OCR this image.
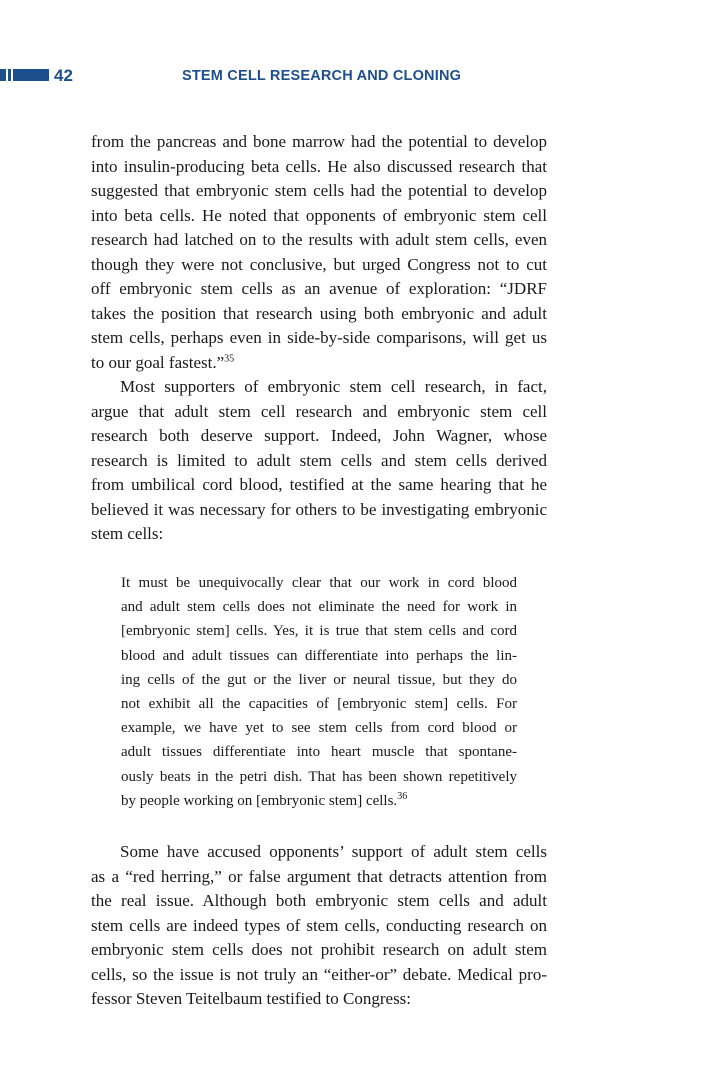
42	STEM CELL RESEARCH AND CLONING
from the pancreas and bone marrow had the potential to develop
into insulin-producing beta cells. He also discussed research that
suggested that embryonic stem cells had the potential to develop
into beta cells. He noted that opponents of embryonic stem cell
research had latched on to the results with adult stem cells, even
though they were not conclusive, but urged Congress not to cut
off embryonic stem cells as an avenue of exploration: “JDRF
takes the position that research using both embryonic and adult
stem cells, perhaps even in side-by-side comparisons, will get us
to our goal fastest.”$^{35}$
Most supporters of embryonic stem cell research, in fact,
argue that adult stem cell research and embryonic stem cell
research both deserve support. Indeed, John Wagner, whose
research is limited to adult stem cells and stem cells derived
from umbilical cord blood, testified at the same hearing that he
believed it was necessary for others to be investigating embryonic
stem cells:
It must be unequivocally clear that our work in cord blood
and adult stem cells does not eliminate the need for work in
[embryonic stem] cells. Yes, it is true that stem cells and cord
blood and adult tissues can differentiate into perhaps the lin-
ing cells of the gut or the liver or neural tissue, but they do
not exhibit all the capacities of [embryonic stem] cells. For
example, we have yet to see stem cells from cord blood or
adult tissues differentiate into heart muscle that spontane-
ously beats in the petri dish. That has been shown repetitively
by people working on [embryonic stem] cells.$^{36}$
Some have accused opponents’ support of adult stem cells
as a “red herring,” or false argument that detracts attention from
the real issue. Although both embryonic stem cells and adult
stem cells are indeed types of stem cells, conducting research on
embryonic stem cells does not prohibit research on adult stem
cells, so the issue is not truly an “either-or” debate. Medical pro-
fessor Steven Teitelbaum testified to Congress:
